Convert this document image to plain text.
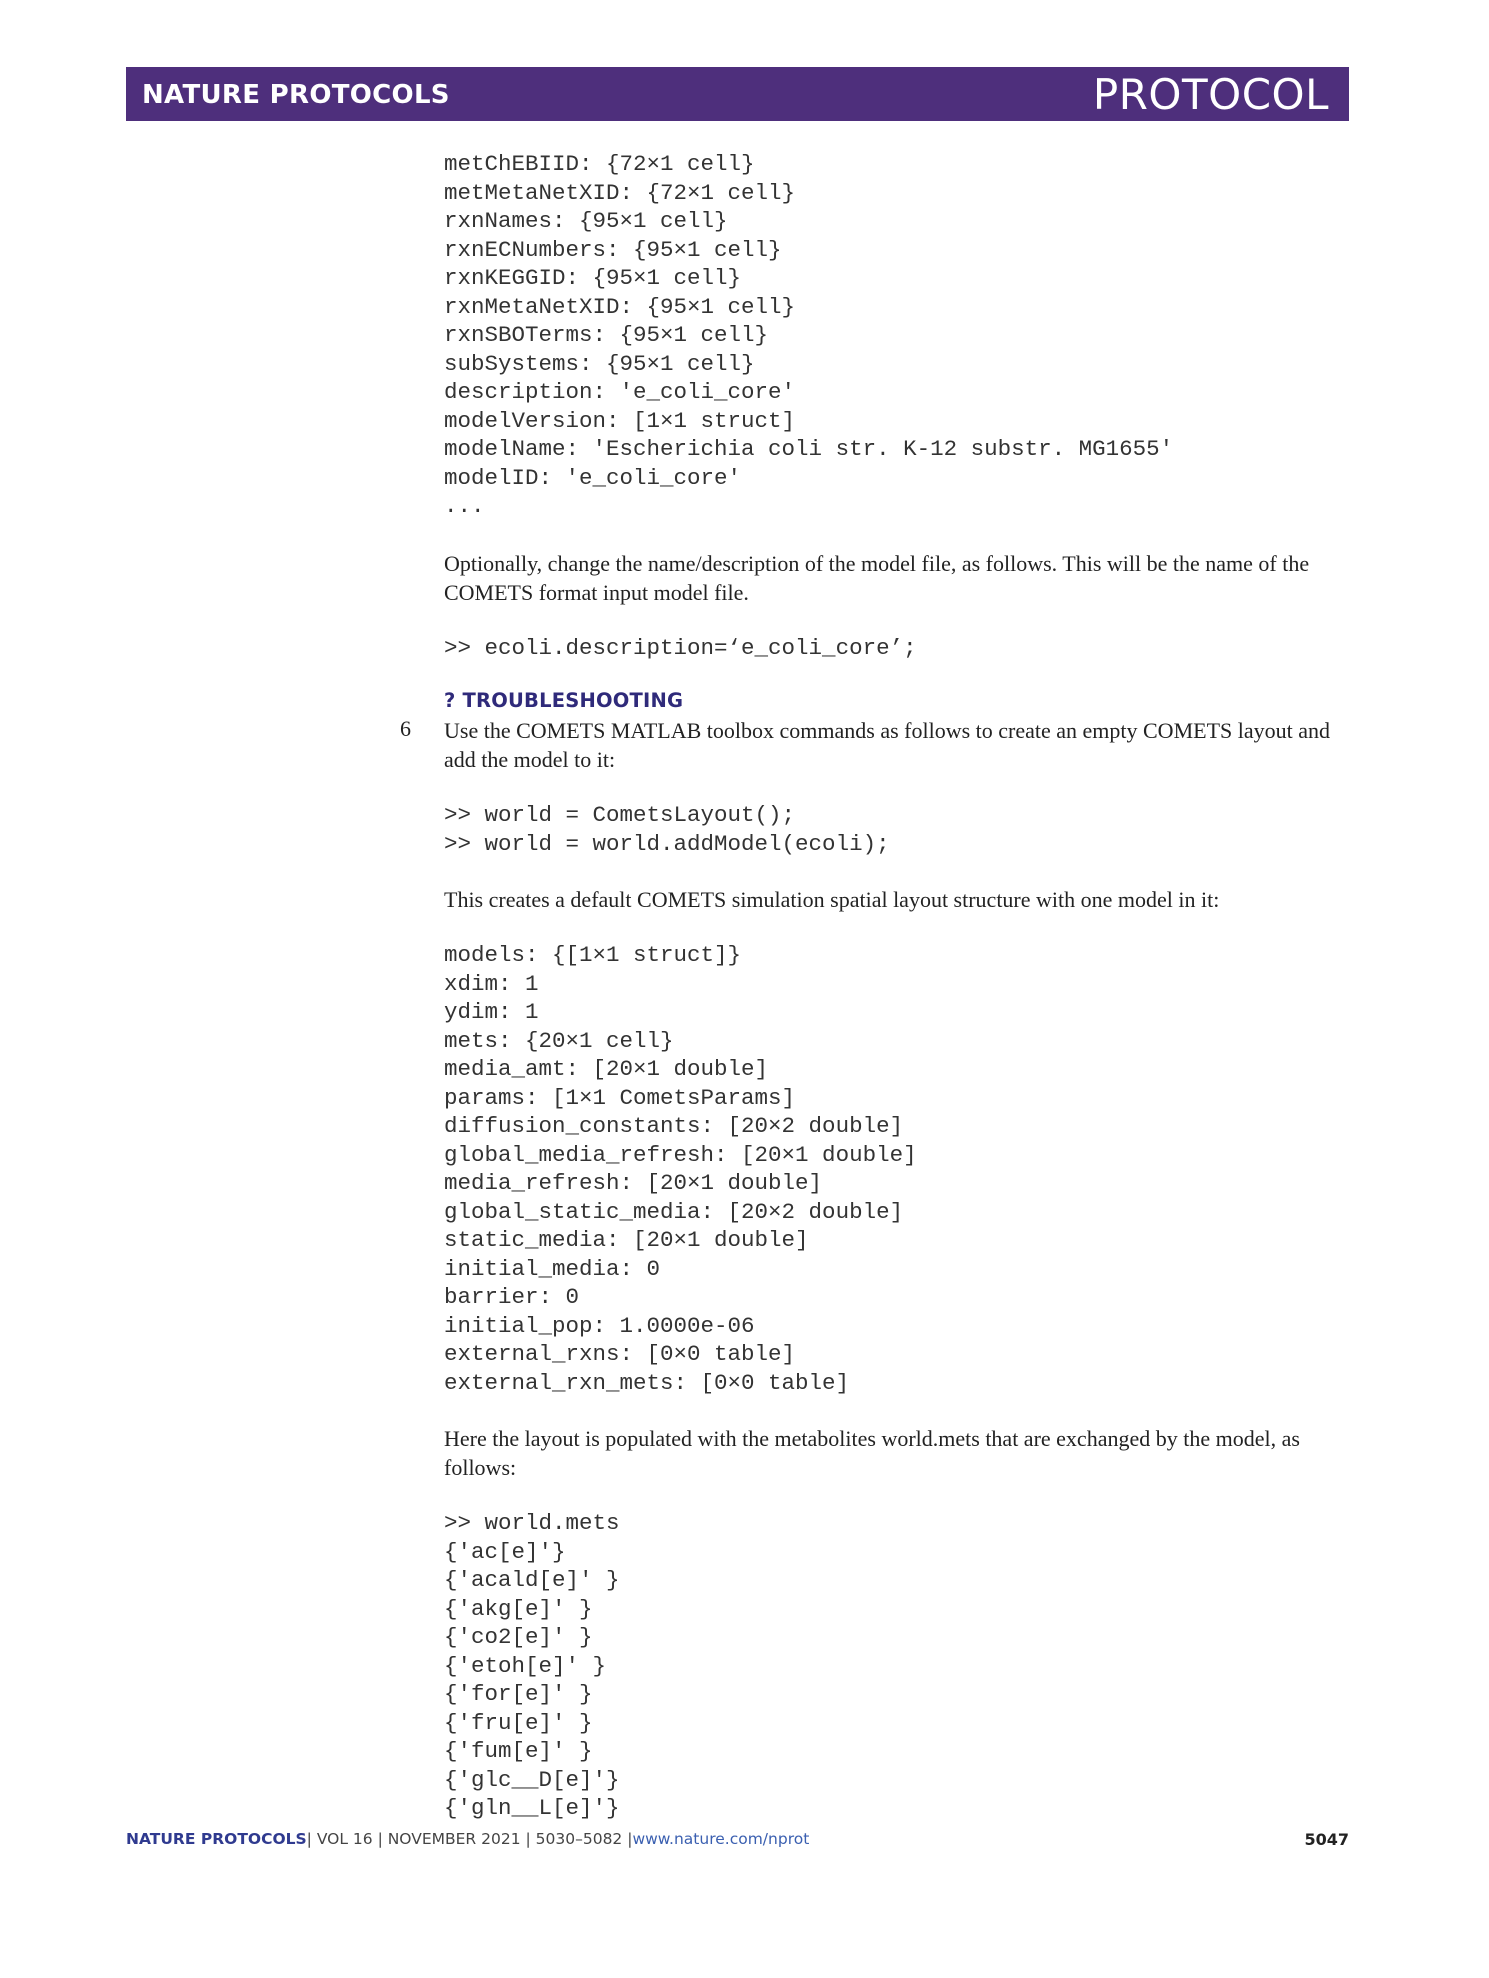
NATURE PROTOCOLS	PROTOCOL
metChEBIID: {72×1 cell}
metMetaNetXID: {72×1 cell}
rxnNames: {95×1 cell}
rxnECNumbers: {95×1 cell}
rxnKEGGID: {95×1 cell}
rxnMetaNetXID: {95×1 cell}
rxnSBOTerms: {95×1 cell}
subSystems: {95×1 cell}
description: 'e_coli_core'
modelVersion: [1×1 struct]
modelName: 'Escherichia coli str. K-12 substr. MG1655'
modelID: 'e_coli_core'
...

Optionally, change the name/description of the model file, as follows. This will be the name of the COMETS format input model file.

>> ecoli.description=‘e_coli_core’;
? TROUBLESHOOTING
6 Use the COMETS MATLAB toolbox commands as follows to create an empty COMETS layout and add the model to it:

>> world = CometsLayout();
>> world = world.addModel(ecoli);

This creates a default COMETS simulation spatial layout structure with one model in it:

models: {[1×1 struct]}
xdim: 1
ydim: 1
mets: {20×1 cell}
media_amt: [20×1 double]
params: [1×1 CometsParams]
diffusion_constants: [20×2 double]
global_media_refresh: [20×1 double]
media_refresh: [20×1 double]
global_static_media: [20×2 double]
static_media: [20×1 double]
initial_media: 0
barrier: 0
initial_pop: 1.0000e-06
external_rxns: [0×0 table]
external_rxn_mets: [0×0 table]

Here the layout is populated with the metabolites world.mets that are exchanged by the model, as follows:

>> world.mets
{'ac[e]'}
{'acald[e]' }
{'akg[e]' }
{'co2[e]' }
{'etoh[e]' }
{'for[e]' }
{'fru[e]' }
{'fum[e]' }
{'glc__D[e]'}
{'gln__L[e]'}
NATURE PROTOCOLS| VOL 16 | NOVEMBER 2021 | 5030–5082 |www.nature.com/nprot	5047
